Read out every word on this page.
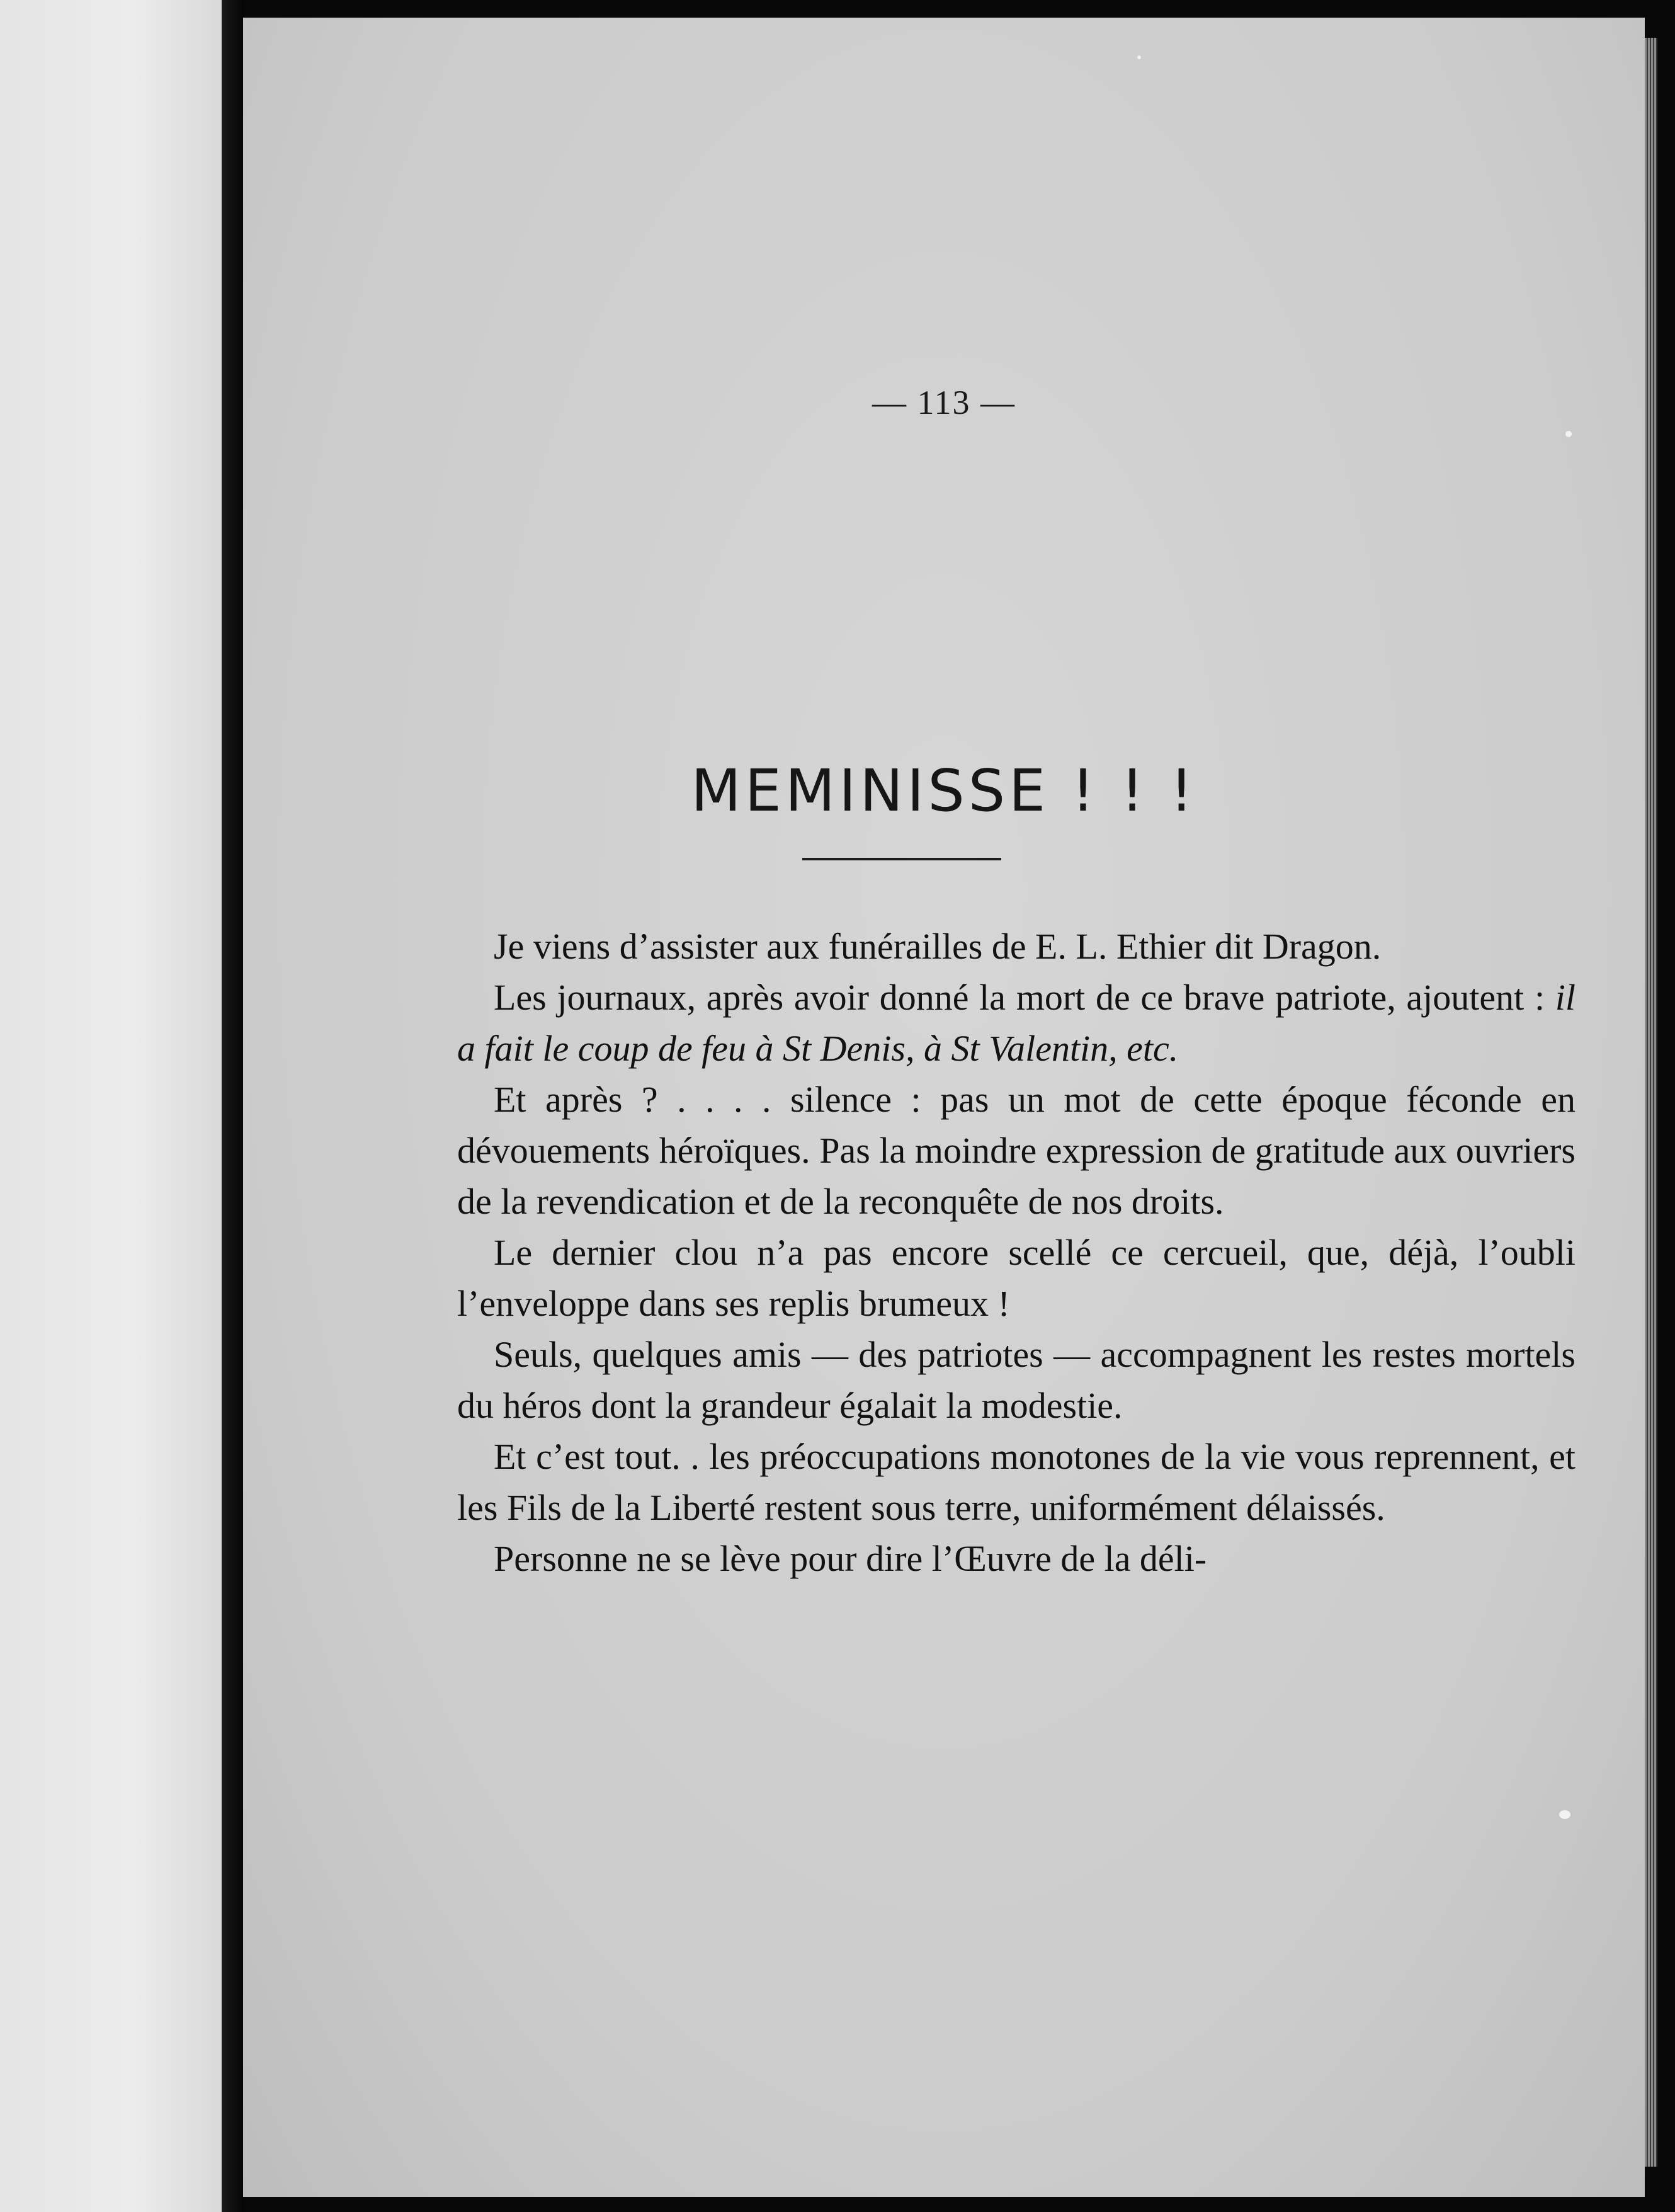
— 113 —
MEMINISSE ! ! !

Je viens d’assister aux funérailles de E. L. Ethier dit Dragon.

Les journaux, après avoir donné la mort de ce brave patriote, ajoutent : il a fait le coup de feu à St Denis, à St Valentin, etc.

Et après ? . . . . silence : pas un mot de cette époque féconde en dévouements héroïques. Pas la moindre expression de gratitude aux ouvriers de la revendication et de la reconquête de nos droits.

Le dernier clou n’a pas encore scellé ce cercueil, que, déjà, l’oubli l’enveloppe dans ses replis brumeux !

Seuls, quelques amis — des patriotes — accompagnent les restes mortels du héros dont la grandeur égalait la modestie.

Et c’est tout. . les préoccupations monotones de la vie vous reprennent, et les Fils de la Liberté restent sous terre, uniformément délaissés.

Personne ne se lève pour dire l’Œuvre de la déli-
